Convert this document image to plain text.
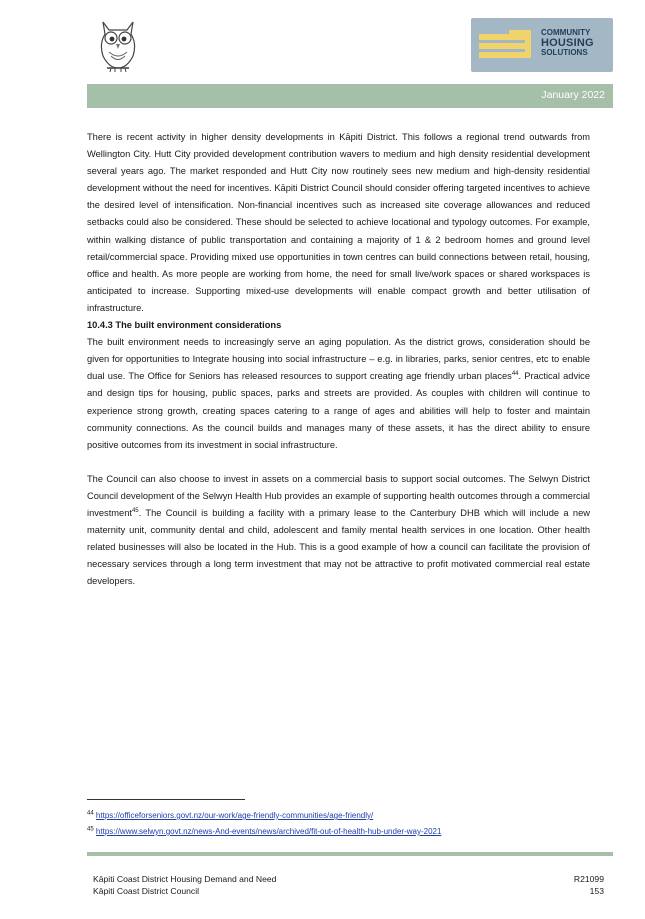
COMMUNITY
HOUSING
SOLUTIONS
January 2022

There is recent activity in higher density developments in Kāpiti District. This follows a regional trend outwards from Wellington City. Hutt City provided development contribution wavers to medium and high density residential development several years ago. The market responded and Hutt City now routinely sees new medium and high-density residential development without the need for incentives. Kāpiti District Council should consider offering targeted incentives to achieve the desired level of intensification. Non-financial incentives such as increased site coverage allowances and reduced setbacks could also be considered. These should be selected to achieve locational and typology outcomes. For example, within walking distance of public transportation and containing a majority of 1 & 2 bedroom homes and ground level retail/commercial space. Providing mixed use opportunities in town centres can build connections between retail, housing, office and health. As more people are working from home, the need for small live/work spaces or shared workspaces is anticipated to increase. Supporting mixed-use developments will enable compact growth and better utilisation of infrastructure.

10.4.3 The built environment considerations

The built environment needs to increasingly serve an aging population. As the district grows, consideration should be given for opportunities to Integrate housing into social infrastructure – e.g. in libraries, parks, senior centres, etc to enable dual use. The Office for Seniors has released resources to support creating age friendly urban places$^{44}$. Practical advice and design tips for housing, public spaces, parks and streets are provided. As couples with children will continue to experience strong growth, creating spaces catering to a range of ages and abilities will help to foster and maintain community connections. As the council builds and manages many of these assets, it has the direct ability to ensure positive outcomes from its investment in social infrastructure.

The Council can also choose to invest in assets on a commercial basis to support social outcomes. The Selwyn District Council development of the Selwyn Health Hub provides an example of supporting health outcomes through a commercial investment$^{45}$. The Council is building a facility with a primary lease to the Canterbury DHB which will include a new maternity unit, community dental and child, adolescent and family mental health services in one location. Other health related businesses will also be located in the Hub. This is a good example of how a council can facilitate the provision of necessary services through a long term investment that may not be attractive to profit motivated commercial real estate developers.

$^{44}$ https://officeforseniors.govt.nz/our-work/age-friendly-communities/age-friendly/
$^{45}$ https://www.selwyn.govt.nz/news-And-events/news/archived/fit-out-of-health-hub-under-way-2021
Kāpiti Coast District Housing Demand and Need
Kāpiti Coast District Council
R21099
153
